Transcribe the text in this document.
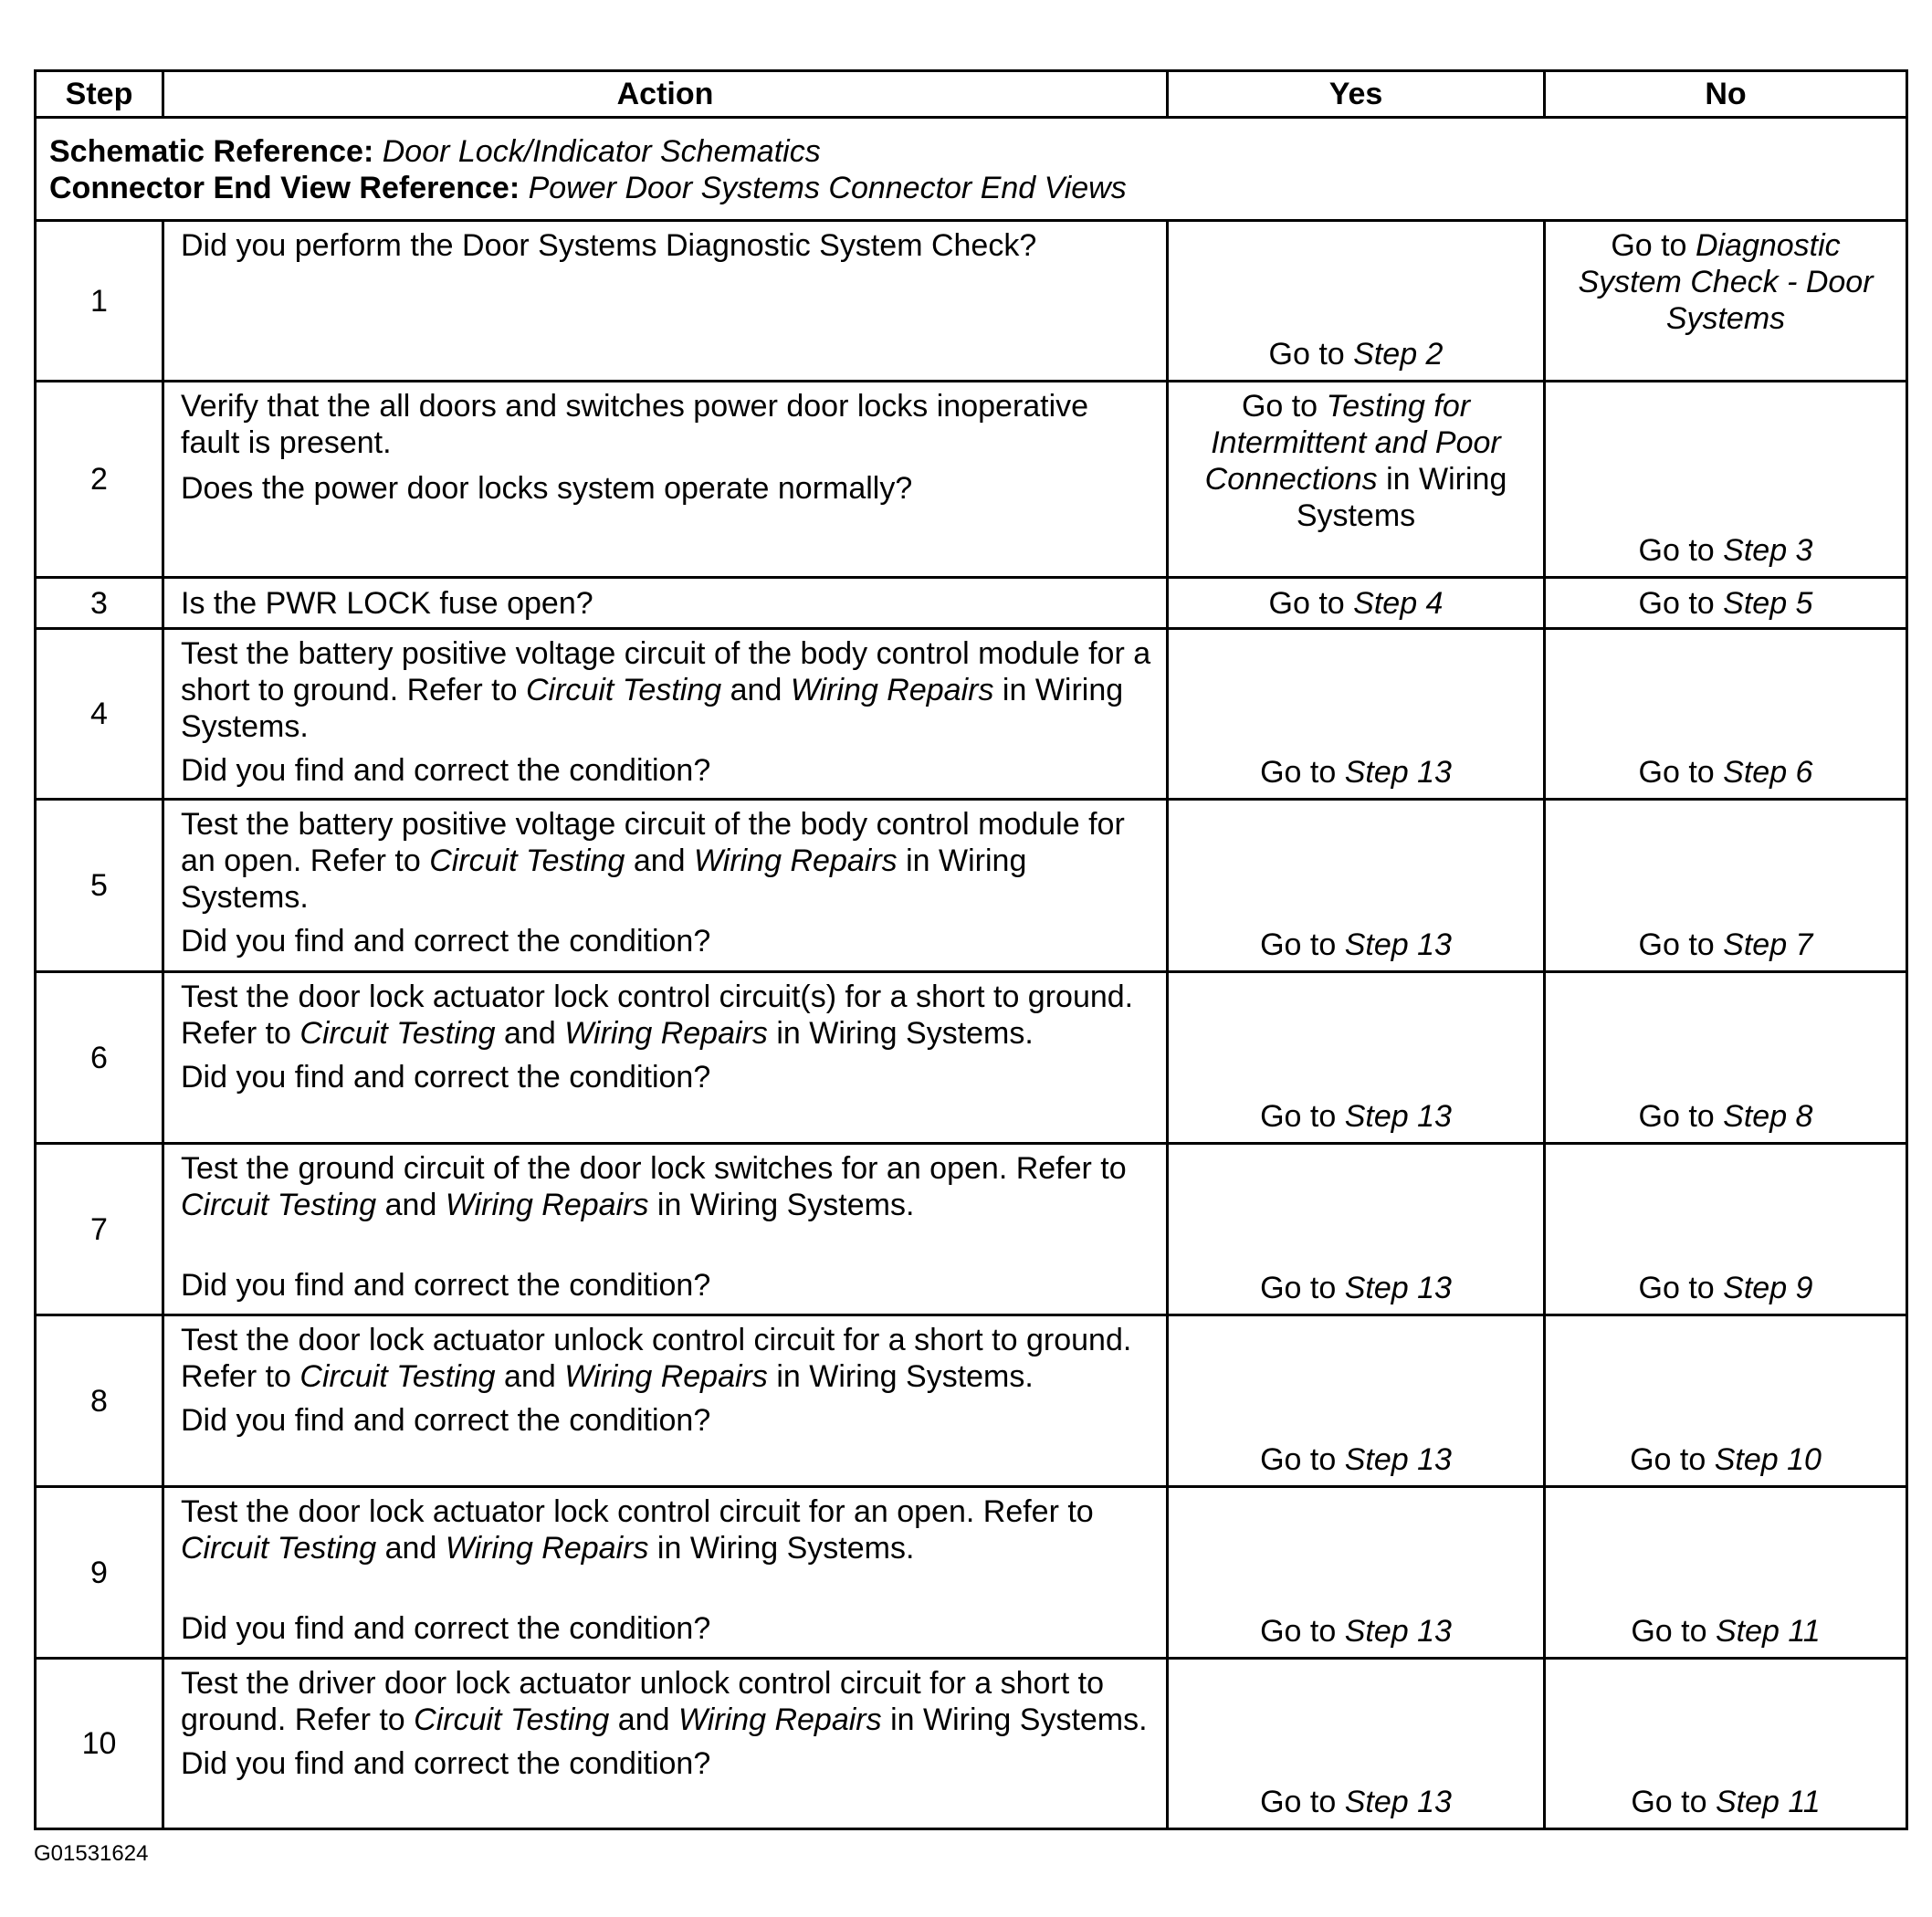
Step	Action	Yes	No

Schematic Reference: Door Lock/Indicator Schematics
Connector End View Reference: Power Door Systems Connector End Views			

1	Did you perform the Door Systems Diagnostic System Check?	Go to Step 2	Go to Diagnostic System Check - Door Systems
2	Verify that the all doors and switches power door locks inoperative fault is present.

Does the power door locks system operate normally?	Go to Testing for Intermittent and Poor Connections in Wiring Systems	Go to Step 3
3	Is the PWR LOCK fuse open?	Go to Step 4	Go to Step 5
4	Test the battery positive voltage circuit of the body control module for a short to ground. Refer to Circuit Testing and Wiring Repairs in Wiring Systems.

Did you find and correct the condition?	Go to Step 13	Go to Step 6
5	Test the battery positive voltage circuit of the body control module for an open. Refer to Circuit Testing and Wiring Repairs in Wiring Systems.

Did you find and correct the condition?	Go to Step 13	Go to Step 7
6	Test the door lock actuator lock control circuit(s) for a short to ground. Refer to Circuit Testing and Wiring Repairs in Wiring Systems.

Did you find and correct the condition?	Go to Step 13	Go to Step 8
7	Test the ground circuit of the door lock switches for an open. Refer to Circuit Testing and Wiring Repairs in Wiring Systems.

Did you find and correct the condition?	Go to Step 13	Go to Step 9
8	Test the door lock actuator unlock control circuit for a short to ground. Refer to Circuit Testing and Wiring Repairs in Wiring Systems.

Did you find and correct the condition?	Go to Step 13	Go to Step 10
9	Test the door lock actuator lock control circuit for an open. Refer to Circuit Testing and Wiring Repairs in Wiring Systems.

Did you find and correct the condition?	Go to Step 13	Go to Step 11
10	Test the driver door lock actuator unlock control circuit for a short to ground. Refer to Circuit Testing and Wiring Repairs in Wiring Systems.

Did you find and correct the condition?	Go to Step 13	Go to Step 11
G01531624
